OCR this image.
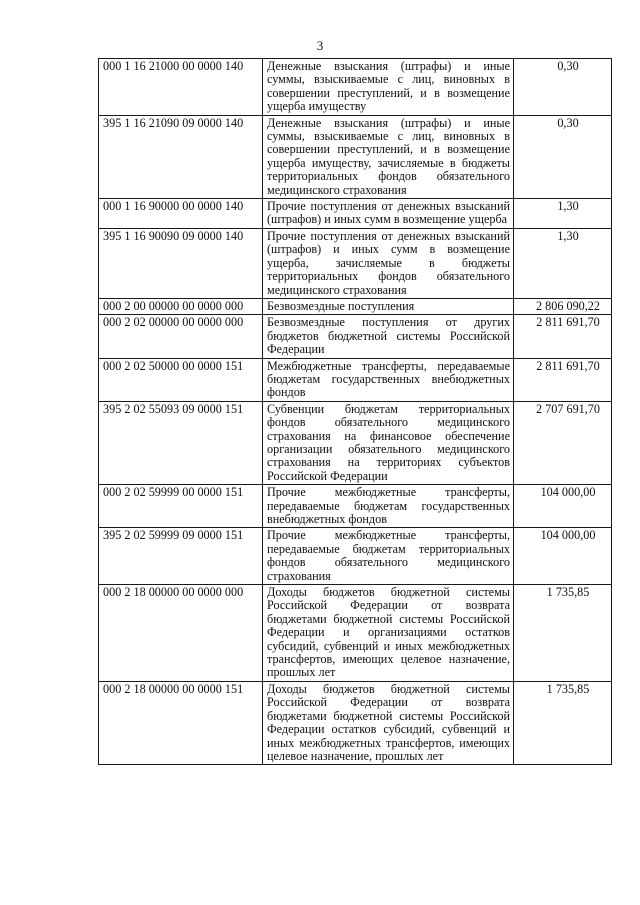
3
000 1 16 21000 00 0000 140	Денежные взыскания (штрафы) и иные суммы, взыскиваемые с лиц, виновных в совершении преступлений, и в возмещение ущерба имуществу	0,30
395 1 16 21090 09 0000 140	Денежные взыскания (штрафы) и иные суммы, взыскиваемые с лиц, виновных в совершении преступлений, и в возмещение ущерба имуществу, зачисляемые в бюджеты территориальных фондов обязательного медицинского страхования	0,30
000 1 16 90000 00 0000 140	Прочие поступления от денежных взысканий (штрафов) и иных сумм в возмещение ущерба	1,30
395 1 16 90090 09 0000 140	Прочие поступления от денежных взысканий (штрафов) и иных сумм в возмещение ущерба, зачисляемые в бюджеты территориальных фондов обязательного медицинского страхования	1,30
000 2 00 00000 00 0000 000	Безвозмездные поступления	2 806 090,22
000 2 02 00000 00 0000 000	Безвозмездные поступления от других бюджетов бюджетной системы Российской Федерации	2 811 691,70
000 2 02 50000 00 0000 151	Межбюджетные трансферты, передаваемые бюджетам государственных внебюджетных фондов	2 811 691,70
395 2 02 55093 09 0000 151	Субвенции бюджетам территориальных фондов обязательного медицинского страхования на финансовое обеспечение организации обязательного медицинского страхования на территориях субъектов Российской Федерации	2 707 691,70
000 2 02 59999 00 0000 151	Прочие межбюджетные трансферты, передаваемые бюджетам государственных внебюджетных фондов	104 000,00
395 2 02 59999 09 0000 151	Прочие межбюджетные трансферты, передаваемые бюджетам территориальных фондов обязательного медицинского страхования	104 000,00
000 2 18 00000 00 0000 000	Доходы бюджетов бюджетной системы Российской Федерации от возврата бюджетами бюджетной системы Российской Федерации и организациями остатков субсидий, субвенций и иных межбюджетных трансфертов, имеющих целевое назначение, прошлых лет	1 735,85
000 2 18 00000 00 0000 151	Доходы бюджетов бюджетной системы Российской Федерации от возврата бюджетами бюджетной системы Российской Федерации остатков субсидий, субвенций и иных межбюджетных трансфертов, имеющих целевое назначение, прошлых лет	1 735,85
